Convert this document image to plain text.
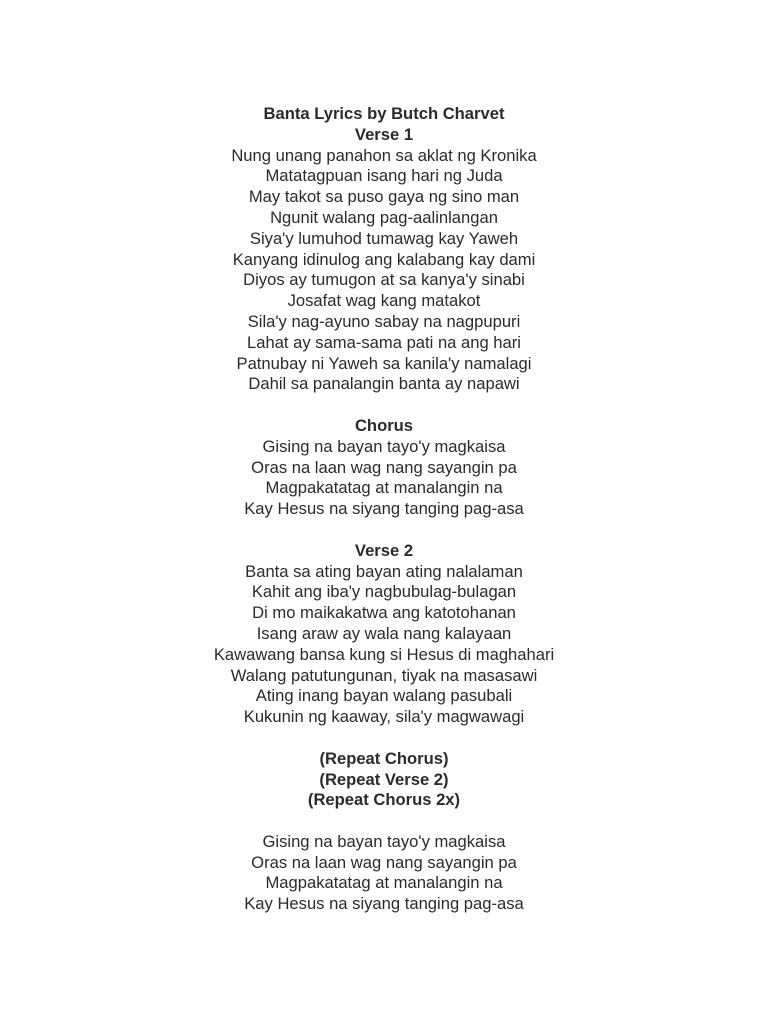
Banta Lyrics by Butch Charvet
Verse 1
Nung unang panahon sa aklat ng Kronika
Matatagpuan isang hari ng Juda
May takot sa puso gaya ng sino man
Ngunit walang pag-aalinlangan
Siya'y lumuhod tumawag kay Yaweh
Kanyang idinulog ang kalabang kay dami
Diyos ay tumugon at sa kanya'y sinabi
Josafat wag kang matakot
Sila'y nag-ayuno sabay na nagpupuri
Lahat ay sama-sama pati na ang hari
Patnubay ni Yaweh sa kanila'y namalagi
Dahil sa panalangin banta ay napawi
Chorus
Gising na bayan tayo'y magkaisa
Oras na laan wag nang sayangin pa
Magpakatatag at manalangin na
Kay Hesus na siyang tanging pag-asa
Verse 2
Banta sa ating bayan ating nalalaman
Kahit ang iba'y nagbubulag-bulagan
Di mo maikakatwa ang katotohanan
Isang araw ay wala nang kalayaan
Kawawang bansa kung si Hesus di maghahari
Walang patutungunan, tiyak na masasawi
Ating inang bayan walang pasubali
Kukunin ng kaaway, sila'y magwawagi
(Repeat Chorus)
(Repeat Verse 2)
(Repeat Chorus 2x)
Gising na bayan tayo'y magkaisa
Oras na laan wag nang sayangin pa
Magpakatatag at manalangin na
Kay Hesus na siyang tanging pag-asa
